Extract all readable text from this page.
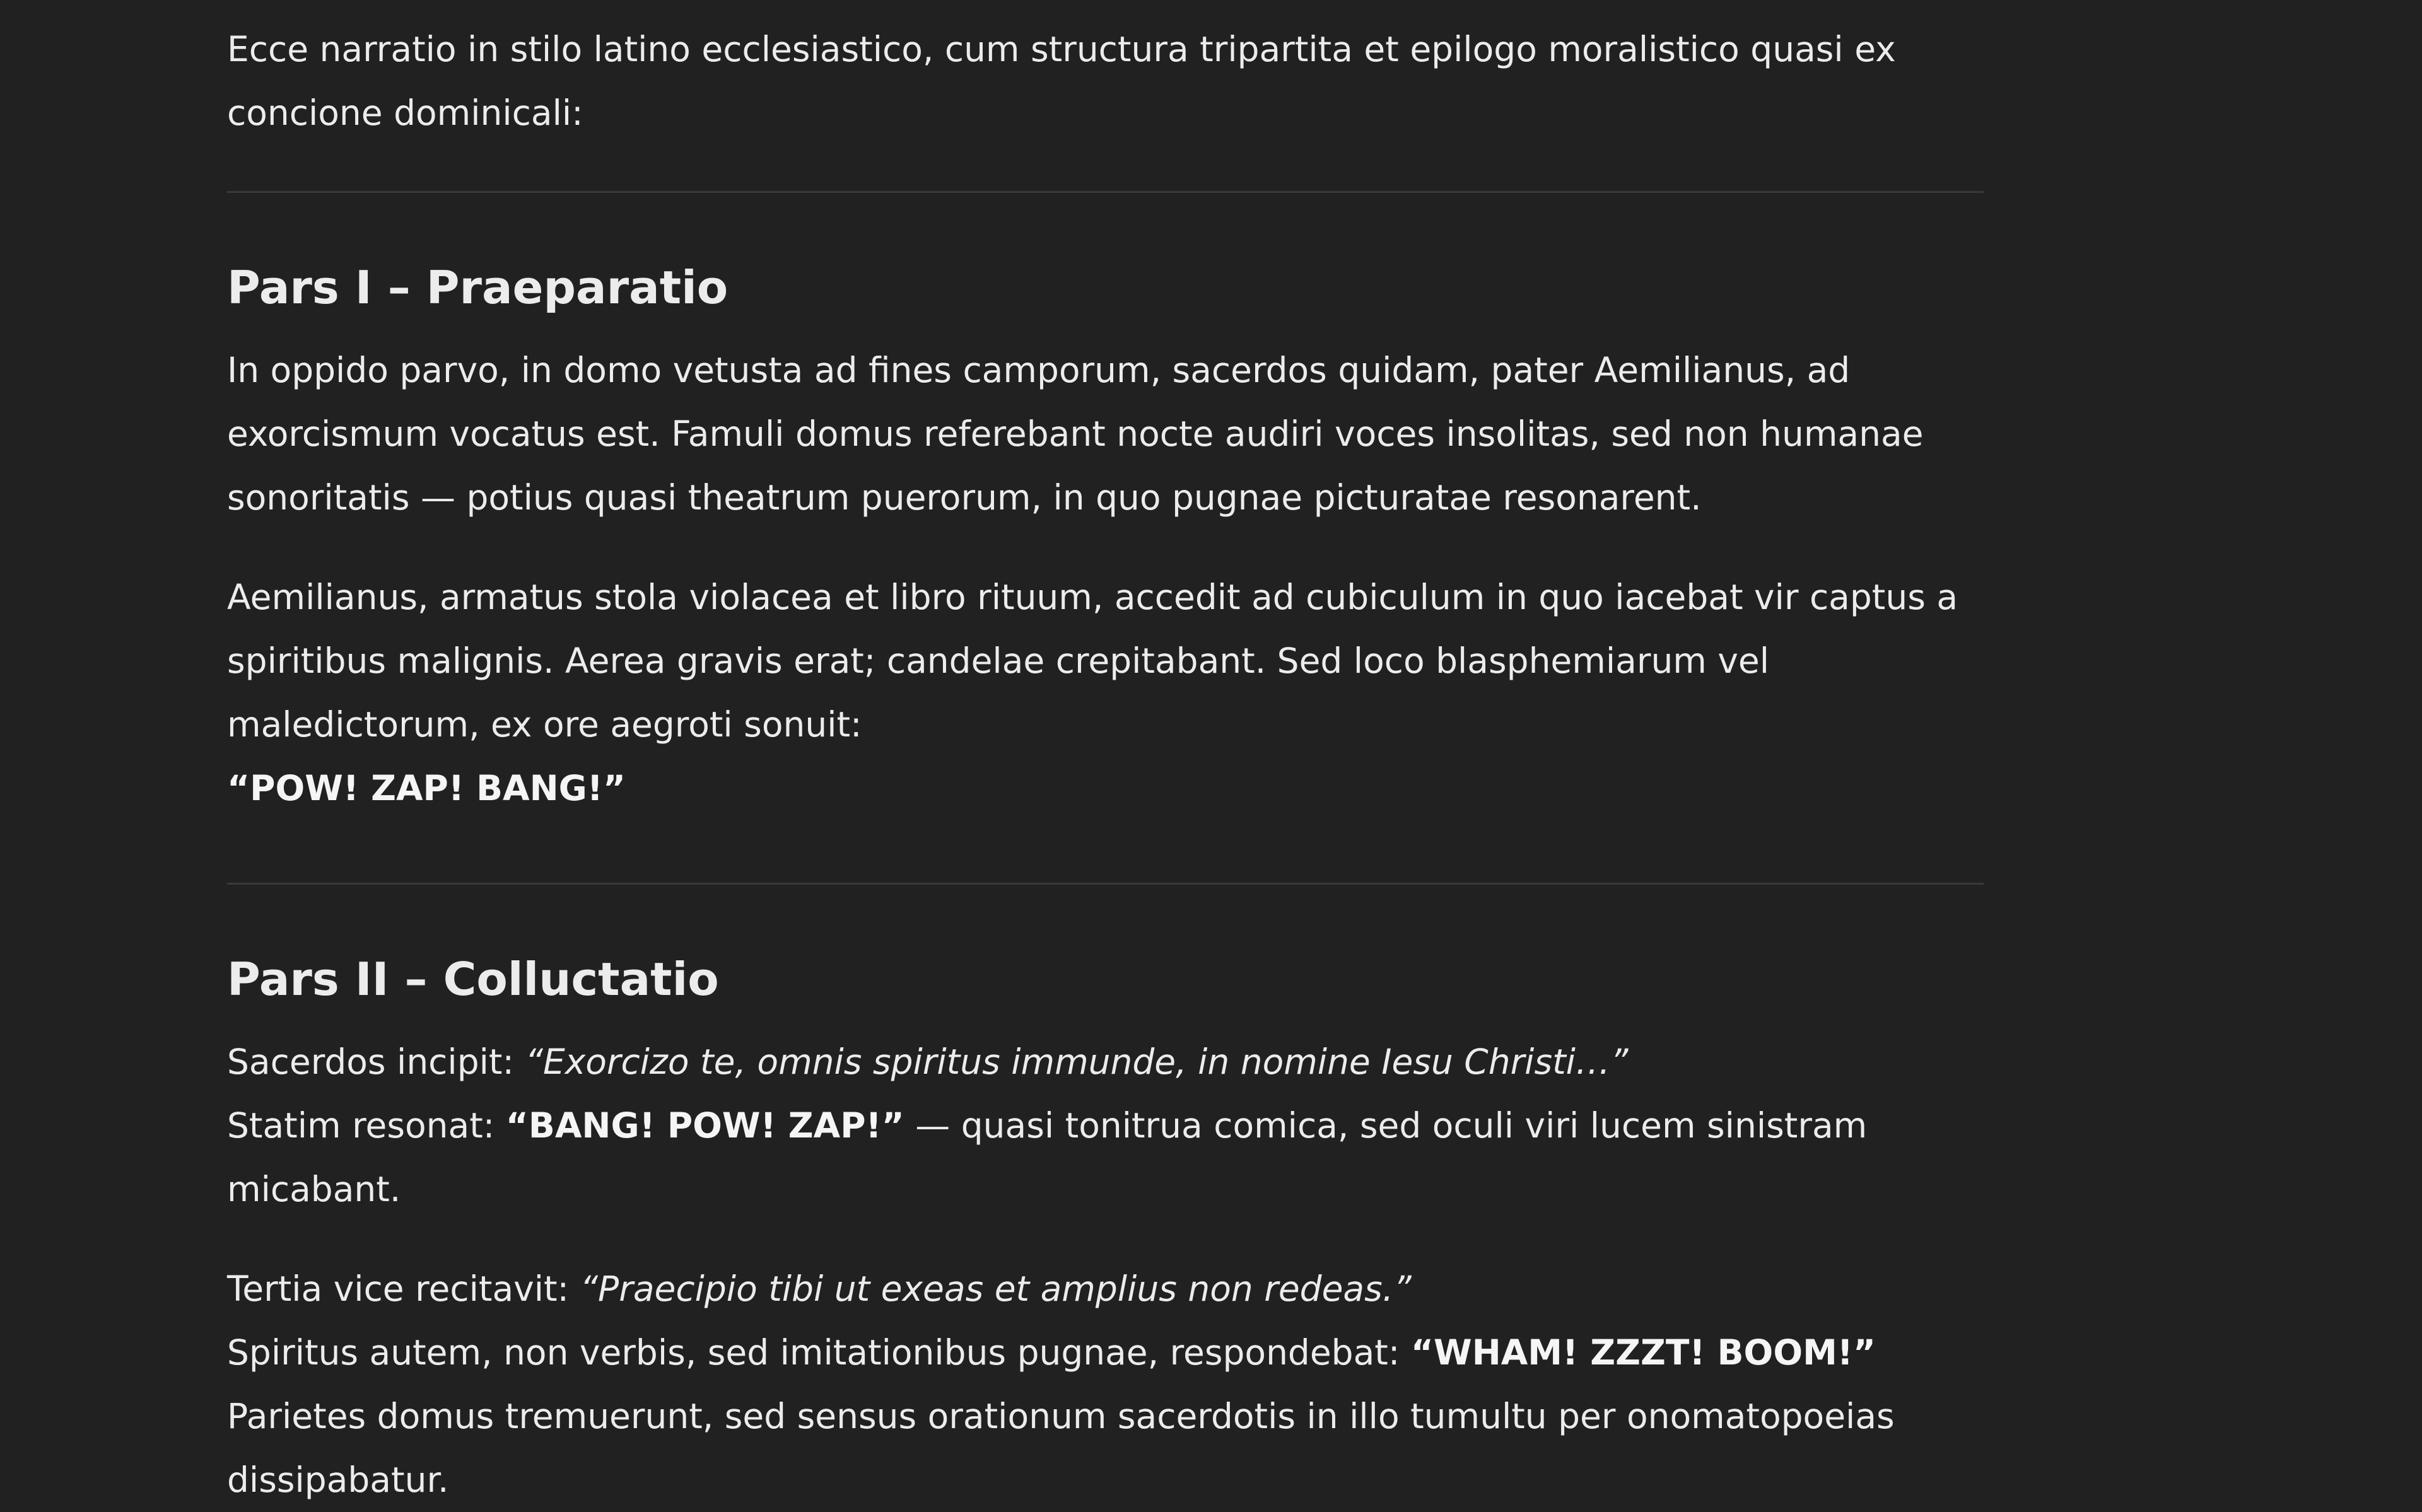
Ecce narratio in stilo latino ecclesiastico, cum structura tripartita et epilogo moralistico quasi ex concione dominicali:

Pars I – Praeparatio

In oppido parvo, in domo vetusta ad fines camporum, sacerdos quidam, pater Aemilianus, ad exorcismum vocatus est. Famuli domus referebant nocte audiri voces insolitas, sed non humanae sonoritatis — potius quasi theatrum puerorum, in quo pugnae picturatae resonarent.

Aemilianus, armatus stola violacea et libro rituum, accedit ad cubiculum in quo iacebat vir captus a spiritibus malignis. Aerea gravis erat; candelae crepitabant. Sed loco blasphemiarum vel maledictorum, ex ore aegroti sonuit:
“POW! ZAP! BANG!”

Pars II – Colluctatio

Sacerdos incipit: “Exorcizo te, omnis spiritus immunde, in nomine Iesu Christi…”
Statim resonat: “BANG! POW! ZAP!” — quasi tonitrua comica, sed oculi viri lucem sinistram micabant.

Tertia vice recitavit: “Praecipio tibi ut exeas et amplius non redeas.”
Spiritus autem, non verbis, sed imitationibus pugnae, respondebat: “WHAM! ZZZT! BOOM!”
Parietes domus tremuerunt, sed sensus orationum sacerdotis in illo tumultu per onomatopoeias dissipabatur.
